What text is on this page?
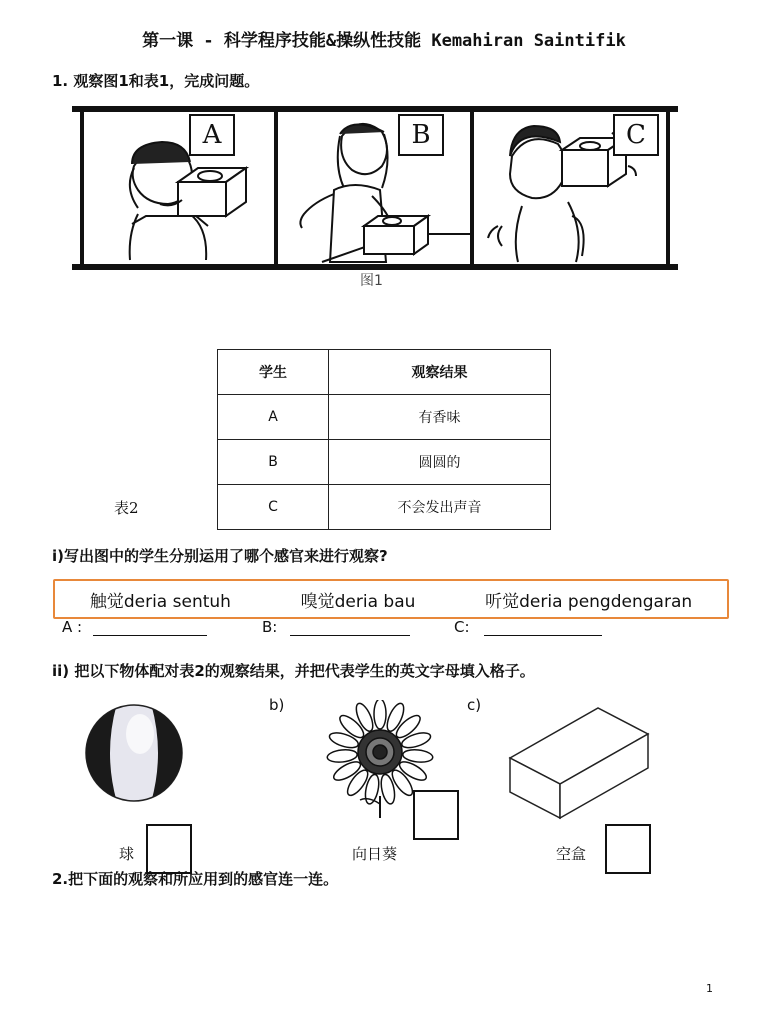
第一课 - 科学程序技能&操纵性技能 Kemahiran Saintifik
1. 观察图1和表1，完成问题。
A	B	C
图1
学生	观察结果
A	有香味
B	圆圆的
C	不会发出声音
表2
i)写出图中的学生分别运用了哪个感官来进行观察?
触觉deria sentuh	嗅觉deria bau	听觉deria pengdengaran
A :	B:	C:
ii) 把以下物体配对表2的观察结果，并把代表学生的英文字母填入格子。
球
b)
向日葵
c)
空盒
2.把下面的观察和所应用到的感官连一连。
1
